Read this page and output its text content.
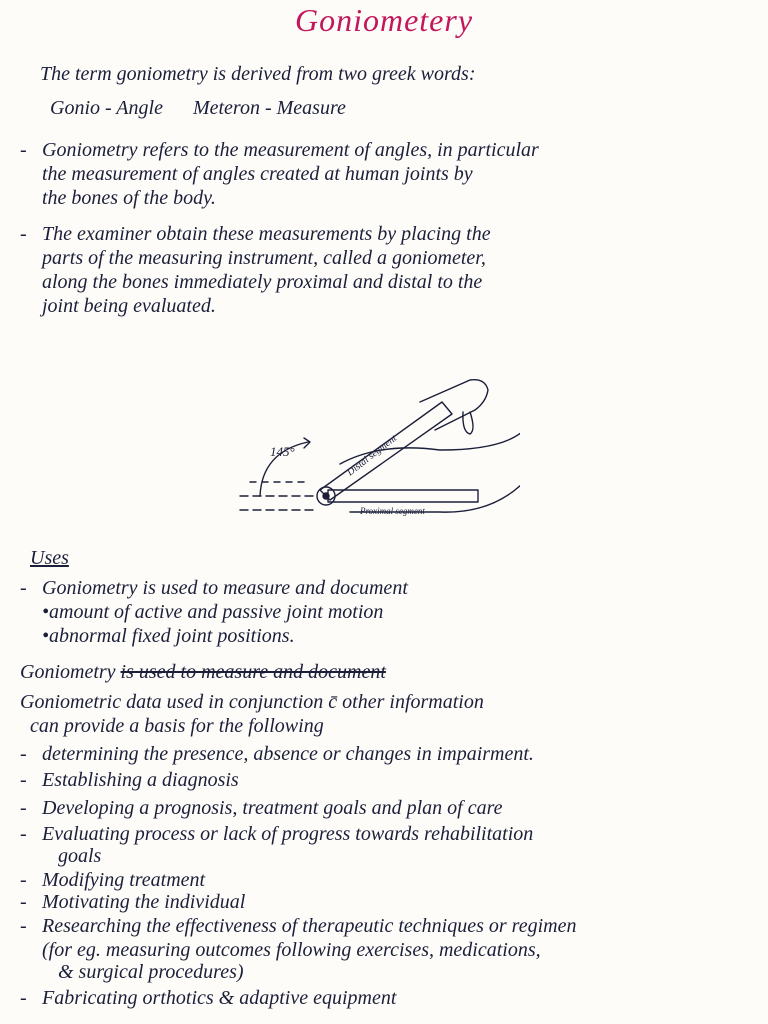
Goniometery
The term goniometry is derived from two greek words:
Gonio - Angle      Meteron - Measure
- Goniometry refers to the measurement of angles, in particular
the measurement of angles created at human joints by
the bones of the body.
- The examiner obtain these measurements by placing the
parts of the measuring instrument, called a goniometer,
along the bones immediately proximal and distal to the
joint being evaluated.
145°	Distal segment
Proximal segment
Uses
- Goniometry is used to measure and document
•amount of active and passive joint motion
•abnormal fixed joint positions.
Goniometry is used to measure and document
Goniometric data used in conjunction c̄ other information
can provide a basis for the following
- determining the presence, absence or changes in impairment.
- Establishing a diagnosis
- Developing a prognosis, treatment goals and plan of care
- Evaluating process or lack of progress towards rehabilitation
goals
- Modifying treatment
- Motivating the individual
- Researching the effectiveness of therapeutic techniques or regimen
(for eg. measuring outcomes following exercises, medications,
& surgical procedures)
- Fabricating orthotics & adaptive equipment
